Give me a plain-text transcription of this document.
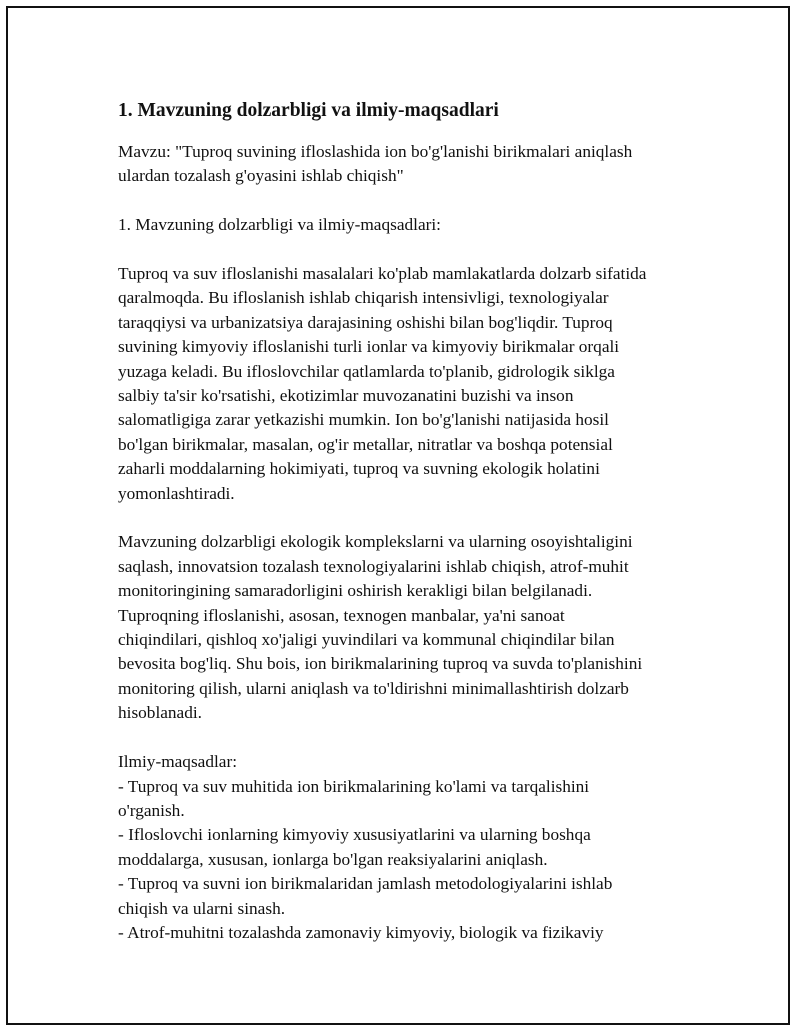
1. Mavzuning dolzarbligi va ilmiy-maqsadlari
Mavzu: "Tuproq suvining ifloslashida ion bo'g'lanishi birikmalari aniqlash
ulardan tozalash g'oyasini ishlab chiqish"
1. Mavzuning dolzarbligi va ilmiy-maqsadlari:
Tuproq va suv ifloslanishi masalalari ko'plab mamlakatlarda dolzarb sifatida
qaralmoqda. Bu ifloslanish ishlab chiqarish intensivligi, texnologiyalar
taraqqiysi va urbanizatsiya darajasining oshishi bilan bog'liqdir. Tuproq
suvining kimyoviy ifloslanishi turli ionlar va kimyoviy birikmalar orqali
yuzaga keladi. Bu ifloslovchilar qatlamlarda to'planib, gidrologik siklga
salbiy ta'sir ko'rsatishi, ekotizimlar muvozanatini buzishi va inson
salomatligiga zarar yetkazishi mumkin. Ion bo'g'lanishi natijasida hosil
bo'lgan birikmalar, masalan, og'ir metallar, nitratlar va boshqa potensial
zaharli moddalarning hokimiyati, tuproq va suvning ekologik holatini
yomonlashtiradi.
Mavzuning dolzarbligi ekologik komplekslarni va ularning osoyishtaligini
saqlash, innovatsion tozalash texnologiyalarini ishlab chiqish, atrof-muhit
monitoringining samaradorligini oshirish kerakligi bilan belgilanadi.
Tuproqning ifloslanishi, asosan, texnogen manbalar, ya'ni sanoat
chiqindilari, qishloq xo'jaligi yuvindilari va kommunal chiqindilar bilan
bevosita bog'liq. Shu bois, ion birikmalarining tuproq va suvda to'planishini
monitoring qilish, ularni aniqlash va to'ldirishni minimallashtirish dolzarb
hisoblanadi.
Ilmiy-maqsadlar:
- Tuproq va suv muhitida ion birikmalarining ko'lami va tarqalishini
o'rganish.
- Ifloslovchi ionlarning kimyoviy xususiyatlarini va ularning boshqa
moddalarga, xususan, ionlarga bo'lgan reaksiyalarini aniqlash.
- Tuproq va suvni ion birikmalaridan jamlash metodologiyalarini ishlab
chiqish va ularni sinash.
- Atrof-muhitni tozalashda zamonaviy kimyoviy, biologik va fizikaviy
